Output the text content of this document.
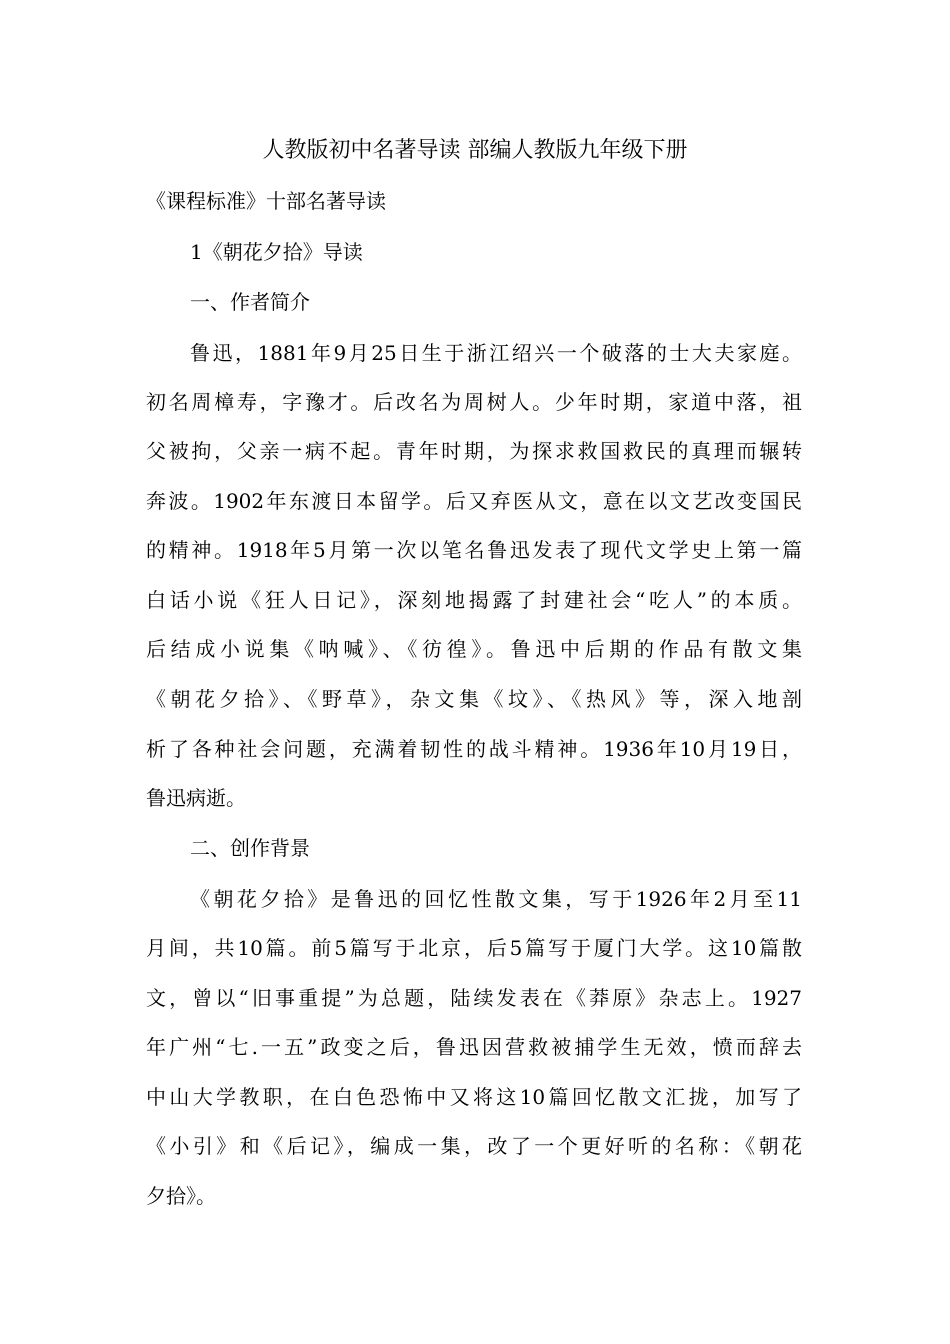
人教版初中名著导读 部编人教版九年级下册
《课程标准》十部名著导读
1《朝花夕拾》导读
一、作者简介
鲁迅，1881年9月25日生于浙江绍兴一个破落的士大夫家庭。
初名周樟寿，字豫才。后改名为周树人。少年时期，家道中落，祖
父被拘，父亲一病不起。青年时期，为探求救国救民的真理而辗转
奔波。1902年东渡日本留学。后又弃医从文，意在以文艺改变国民
的精神。1918年5月第一次以笔名鲁迅发表了现代文学史上第一篇
白话小说《狂人日记》，深刻地揭露了封建社会“吃人”的本质。
后结成小说集《呐喊》、《彷徨》。鲁迅中后期的作品有散文集
《朝花夕拾》、《野草》，杂文集《坟》、《热风》等，深入地剖
析了各种社会问题，充满着韧性的战斗精神。1936年10月19日，
鲁迅病逝。
二、创作背景
《朝花夕拾》是鲁迅的回忆性散文集，写于1926年2月至11
月间，共10篇。前5篇写于北京，后5篇写于厦门大学。这10篇散
文，曾以“旧事重提”为总题，陆续发表在《莽原》杂志上。1927
年广州“七.一五”政变之后，鲁迅因营救被捕学生无效，愤而辞去
中山大学教职，在白色恐怖中又将这10篇回忆散文汇拢，加写了
《小引》和《后记》，编成一集，改了一个更好听的名称：《朝花
夕拾》。
